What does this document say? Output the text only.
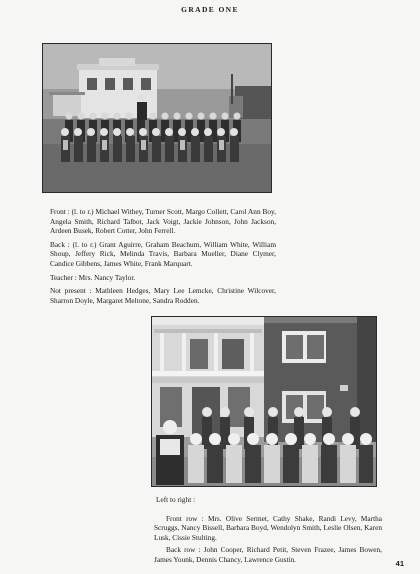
GRADE ONE

Front : (l. to r.) Michael Withey, Turner Scott, Margo Collett, Carol Ann Boy, Angela Smith, Richard Talbot, Jack Voigt, Jackie Johnson, John Jackson, Ardeen Busek, Robert Cotter, John Ferrell.

Back : (l. to r.) Grant Aguirre, Graham Beachum, William White, William Shoup, Jeffery Rick, Melinda Travis, Barbara Mueller, Diane Clymer, Candice Gibbens, James White, Frank Marquart.

Teacher : Mrs. Nancy Taylor.

Not present : Mathleen Hedges, Mary Lee Lemcke, Christine Wilcover, Sharron Doyle, Margaret Meltone, Sandra Rodden.

Left to right :

Front row : Mrs. Olive Sermet, Cathy Shake, Randi Levy, Martha Scruggs, Nancy Bissell, Barbara Boyd, Wendolyn Smith, Leslie Olsen, Karen Lusk, Cissie Stulting.

Back row : John Cooper, Richard Petit, Steven Frazee, James Bowen, James Younk, Dennis Chancy, Lawrence Gustin.	41
